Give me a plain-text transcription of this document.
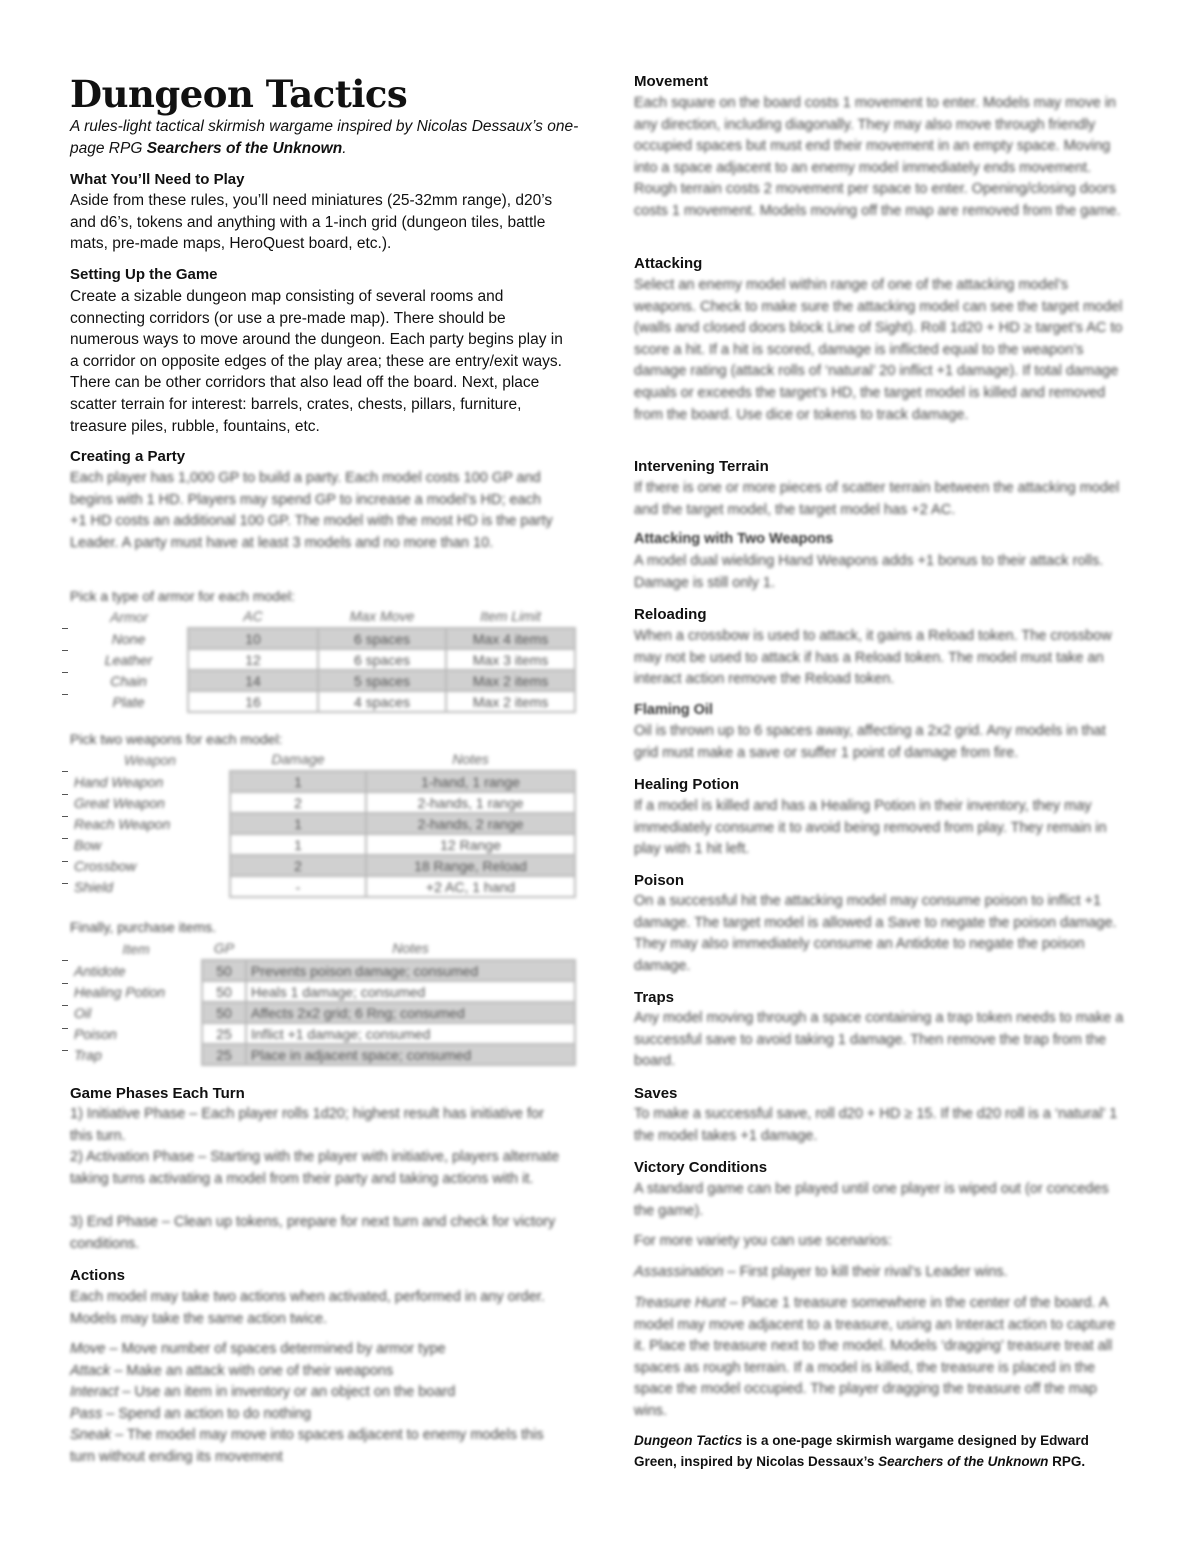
Dungeon Tactics
A rules-light tactical skirmish wargame inspired by Nicolas Dessaux’s one-page RPG Searchers of the Unknown.
What You’ll Need to Play

Aside from these rules, you’ll need miniatures (25-32mm range), d20’s and d6’s, tokens and anything with a 1-inch grid (dungeon tiles, battle mats, pre-made maps, HeroQuest board, etc.).

Setting Up the Game

Create a sizable dungeon map consisting of several rooms and connecting corridors (or use a pre-made map). There should be numerous ways to move around the dungeon. Each party begins play in a corridor on opposite edges of the play area; these are entry/exit ways. There can be other corridors that also lead off the board. Next, place scatter terrain for interest: barrels, crates, chests, pillars, furniture, treasure piles, rubble, fountains, etc.

Creating a Party

Each player has 1,000 GP to build a party. Each model costs 100 GP and begins with 1 HD. Players may spend GP to increase a model’s HD; each +1 HD costs an additional 100 GP. The model with the most HD is the party Leader. A party must have at least 3 models and no more than 10.

Pick a type of armor for each model:

Armor	AC	Max Move	Item Limit
None	10	6 spaces	Max 4 items
Leather	12	6 spaces	Max 3 items
Chain	14	5 spaces	Max 2 items
Plate	16	4 spaces	Max 2 items

Pick two weapons for each model:

Weapon	Damage	Notes
Hand Weapon	1	1-hand, 1 range
Great Weapon	2	2-hands, 1 range
Reach Weapon	1	2-hands, 2 range
Bow	1	12 Range
Crossbow	2	18 Range, Reload
Shield	-	+2 AC, 1 hand

Finally, purchase items.

Item	GP	Notes
Antidote	50	Prevents poison damage; consumed
Healing Potion	50	Heals 1 damage; consumed
Oil	50	Affects 2x2 grid; 6 Rng; consumed
Poison	25	Inflict +1 damage; consumed
Trap	25	Place in adjacent space; consumed
Game Phases Each Turn

1) Initiative Phase – Each player rolls 1d20; highest result has initiative for this turn.

2) Activation Phase – Starting with the player with initiative, players alternate taking turns activating a model from their party and taking actions with it.

3) End Phase – Clean up tokens, prepare for next turn and check for victory conditions.

Actions

Each model may take two actions when activated, performed in any order. Models may take the same action twice.

Move – Move number of spaces determined by armor type
Attack – Make an attack with one of their weapons
Interact – Use an item in inventory or an object on the board
Pass – Spend an action to do nothing
Sneak – The model may move into spaces adjacent to enemy models this turn without ending its movement
Movement

Each square on the board costs 1 movement to enter. Models may move in any direction, including diagonally. They may also move through friendly occupied spaces but must end their movement in an empty space. Moving into a space adjacent to an enemy model immediately ends movement. Rough terrain costs 2 movement per space to enter. Opening/closing doors costs 1 movement. Models moving off the map are removed from the game.

Attacking

Select an enemy model within range of one of the attacking model’s weapons. Check to make sure the attacking model can see the target model (walls and closed doors block Line of Sight). Roll 1d20 + HD ≥ target’s AC to score a hit. If a hit is scored, damage is inflicted equal to the weapon’s damage rating (attack rolls of ‘natural’ 20 inflict +1 damage). If total damage equals or exceeds the target’s HD, the target model is killed and removed from the board. Use dice or tokens to track damage.

Intervening Terrain

If there is one or more pieces of scatter terrain between the attacking model and the target model, the target model has +2 AC.

Attacking with Two Weapons

A model dual wielding Hand Weapons adds +1 bonus to their attack rolls. Damage is still only 1.

Reloading

When a crossbow is used to attack, it gains a Reload token. The crossbow may not be used to attack if has a Reload token. The model must take an interact action remove the Reload token.

Flaming Oil

Oil is thrown up to 6 spaces away, affecting a 2x2 grid. Any models in that grid must make a save or suffer 1 point of damage from fire.

Healing Potion

If a model is killed and has a Healing Potion in their inventory, they may immediately consume it to avoid being removed from play. They remain in play with 1 hit left.

Poison

On a successful hit the attacking model may consume poison to inflict +1 damage. The target model is allowed a Save to negate the poison damage. They may also immediately consume an Antidote to negate the poison damage.

Traps

Any model moving through a space containing a trap token needs to make a successful save to avoid taking 1 damage. Then remove the trap from the board.

Saves

To make a successful save, roll d20 + HD ≥ 15. If the d20 roll is a ‘natural’ 1 the model takes +1 damage.

Victory Conditions

A standard game can be played until one player is wiped out (or concedes the game).

For more variety you can use scenarios:

Assassination – First player to kill their rival’s Leader wins.

Treasure Hunt – Place 1 treasure somewhere in the center of the board. A model may move adjacent to a treasure, using an Interact action to capture it. Place the treasure next to the model. Models ‘dragging’ treasure treat all spaces as rough terrain. If a model is killed, the treasure is placed in the space the model occupied. The player dragging the treasure off the map wins.

Dungeon Tactics is a one-page skirmish wargame designed by Edward Green, inspired by Nicolas Dessaux’s Searchers of the Unknown RPG.
